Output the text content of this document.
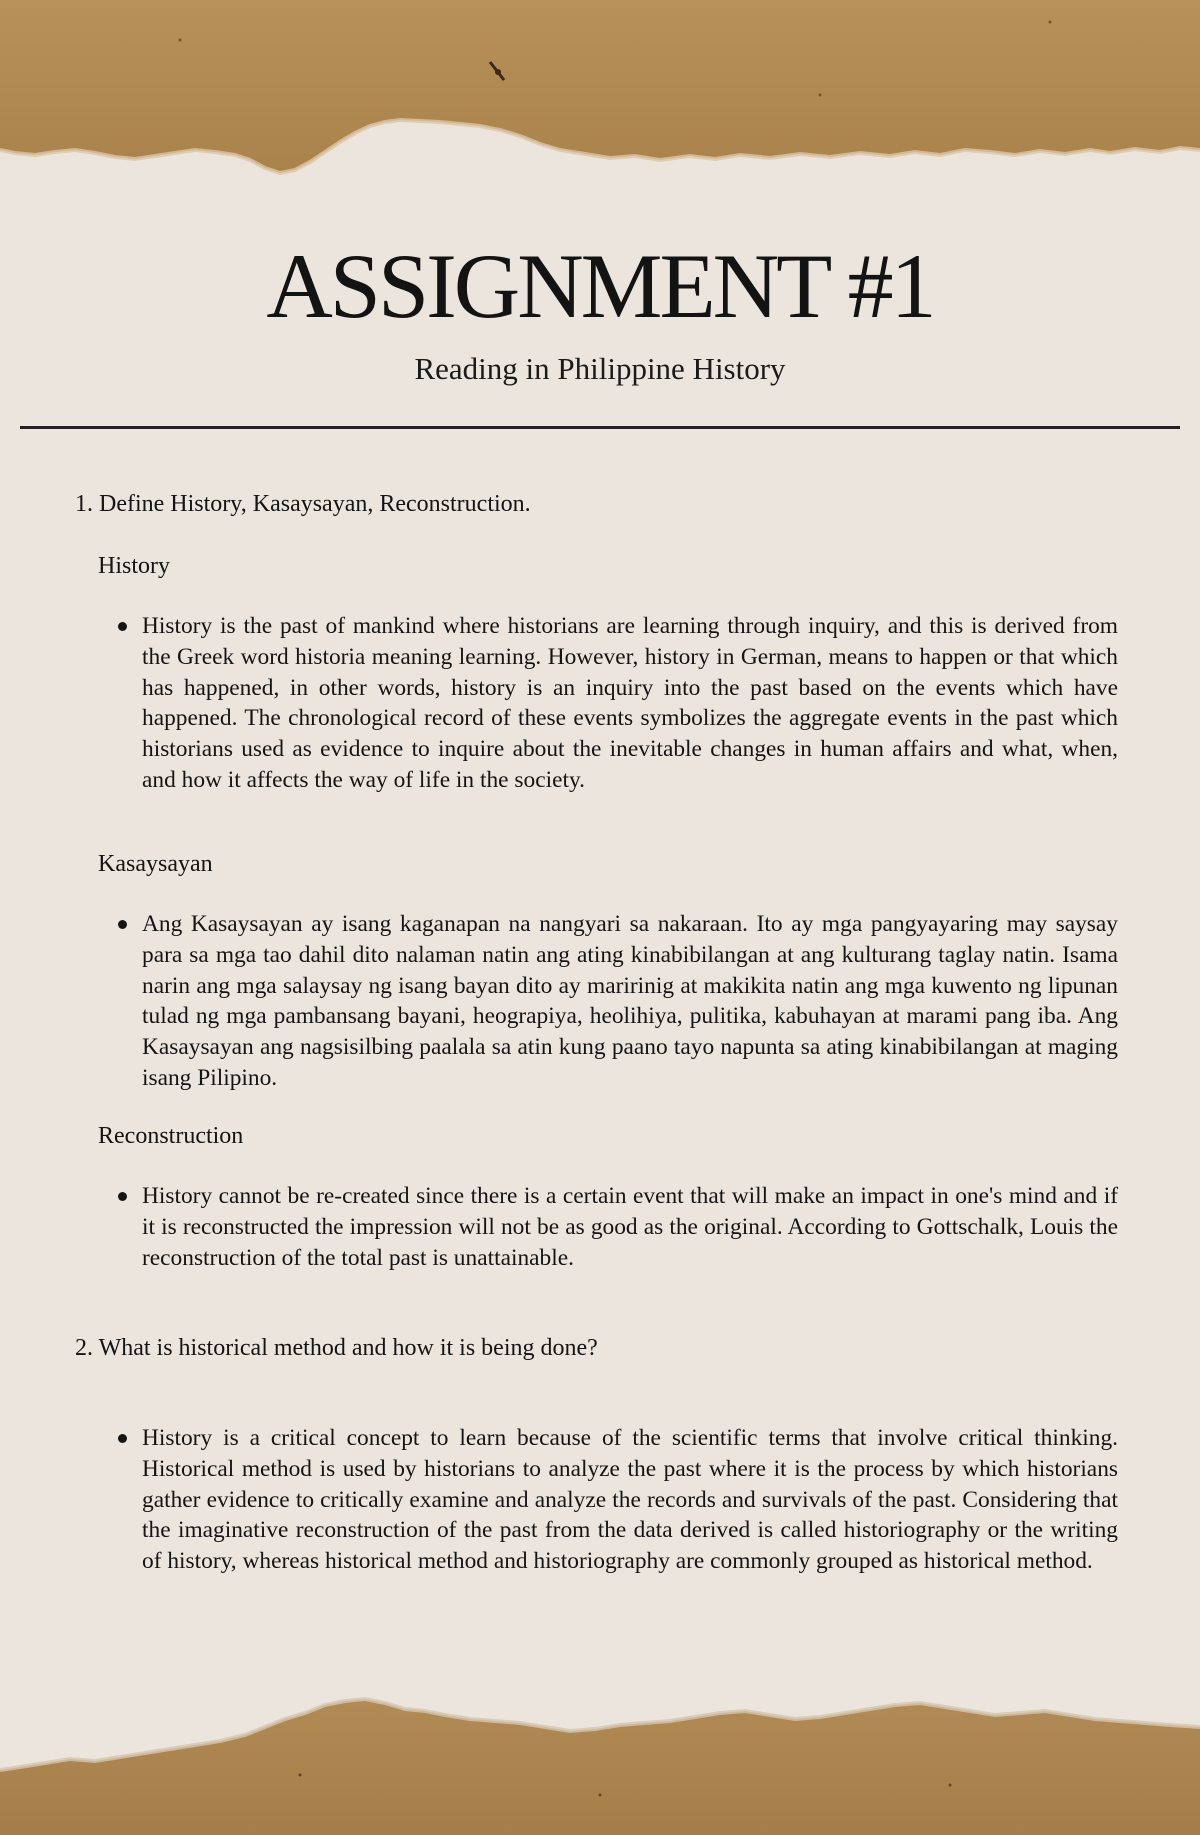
ASSIGNMENT #1

Reading in Philippine History

1. Define History, Kasaysayan, Reconstruction.

History

History is the past of mankind where historians are learning through inquiry, and this is derived from the Greek word historia meaning learning. However, history in German, means to happen or that which has happened, in other words, history is an inquiry into the past based on the events which have happened. The chronological record of these events symbolizes the aggregate events in the past which historians used as evidence to inquire about the inevitable changes in human affairs and what, when, and how it affects the way of life in the society.

Kasaysayan

Ang Kasaysayan ay isang kaganapan na nangyari sa nakaraan. Ito ay mga pangyayaring may saysay para sa mga tao dahil dito nalaman natin ang ating kinabibilangan at ang kulturang taglay natin. Isama narin ang mga salaysay ng isang bayan dito ay maririnig at makikita natin ang mga kuwento ng lipunan tulad ng mga pambansang bayani, heograpiya, heolihiya, pulitika, kabuhayan at marami pang iba. Ang Kasaysayan ang nagsisilbing paalala sa atin kung paano tayo napunta sa ating kinabibilangan at maging isang Pilipino.

Reconstruction

History cannot be re-created since there is a certain event that will make an impact in one's mind and if it is reconstructed the impression will not be as good as the original. According to Gottschalk, Louis the reconstruction of the total past is unattainable.

2. What is historical method and how it is being done?

History is a critical concept to learn because of the scientific terms that involve critical thinking. Historical method is used by historians to analyze the past where it is the process by which historians gather evidence to critically examine and analyze the records and survivals of the past. Considering that the imaginative reconstruction of the past from the data derived is called historiography or the writing of history, whereas historical method and historiography are commonly grouped as historical method.
